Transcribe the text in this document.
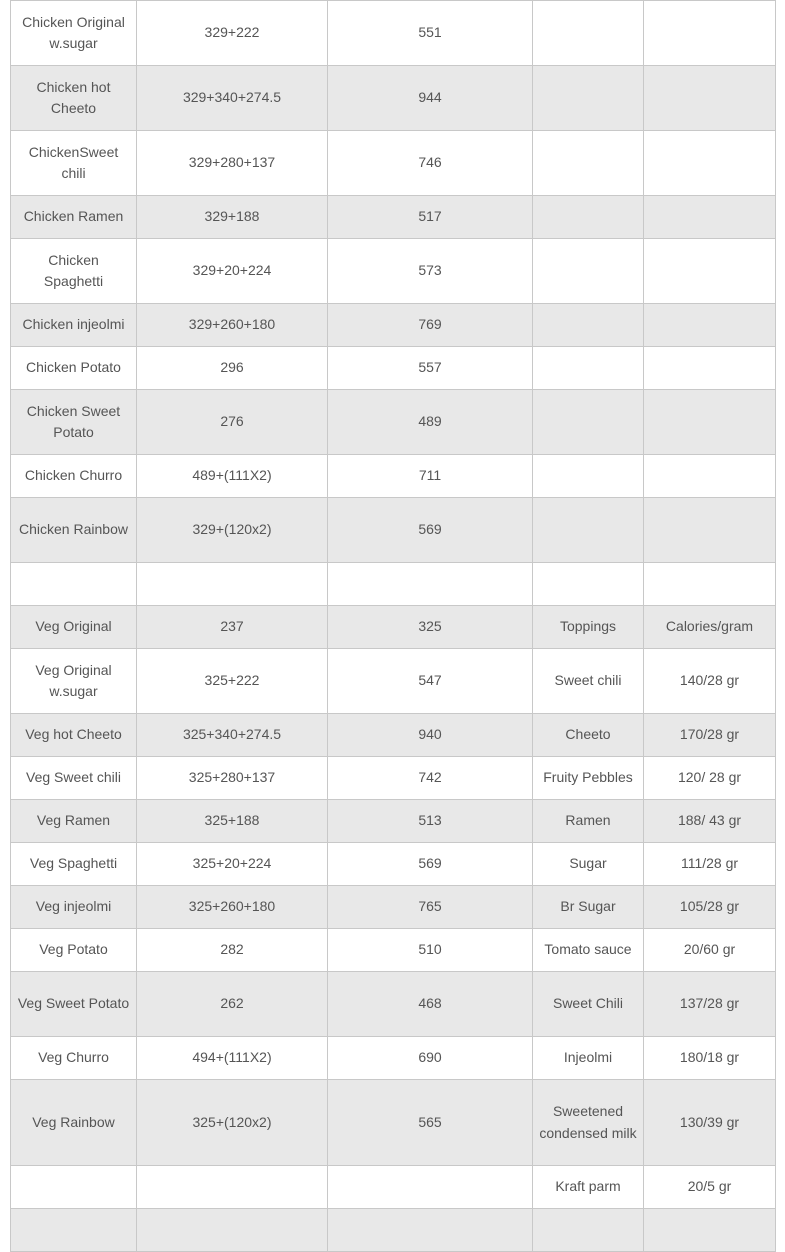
Chicken Original w.sugar	329+222	551		
Chicken hot Cheeto	329+340+274.5	944		
ChickenSweet chili	329+280+137	746		
Chicken Ramen	329+188	517		
Chicken Spaghetti	329+20+224	573		
Chicken injeolmi	329+260+180	769		
Chicken Potato	296	557		
Chicken Sweet Potato	276	489		
Chicken Churro	489+(111X2)	711		
Chicken Rainbow	329+(120x2)	569		

Veg Original	237	325	Toppings	Calories/gram
Veg Original w.sugar	325+222	547	Sweet chili	140/28 gr
Veg hot Cheeto	325+340+274.5	940	Cheeto	170/28 gr
Veg Sweet chili	325+280+137	742	Fruity Pebbles	120/ 28 gr
Veg Ramen	325+188	513	Ramen	188/ 43 gr
Veg Spaghetti	325+20+224	569	Sugar	111/28 gr
Veg injeolmi	325+260+180	765	Br Sugar	105/28 gr
Veg Potato	282	510	Tomato sauce	20/60 gr
Veg Sweet Potato	262	468	Sweet Chili	137/28 gr
Veg Churro	494+(111X2)	690	Injeolmi	180/18 gr
Veg Rainbow	325+(120x2)	565	Sweetened condensed milk	130/39 gr
			Kraft parm	20/5 gr
